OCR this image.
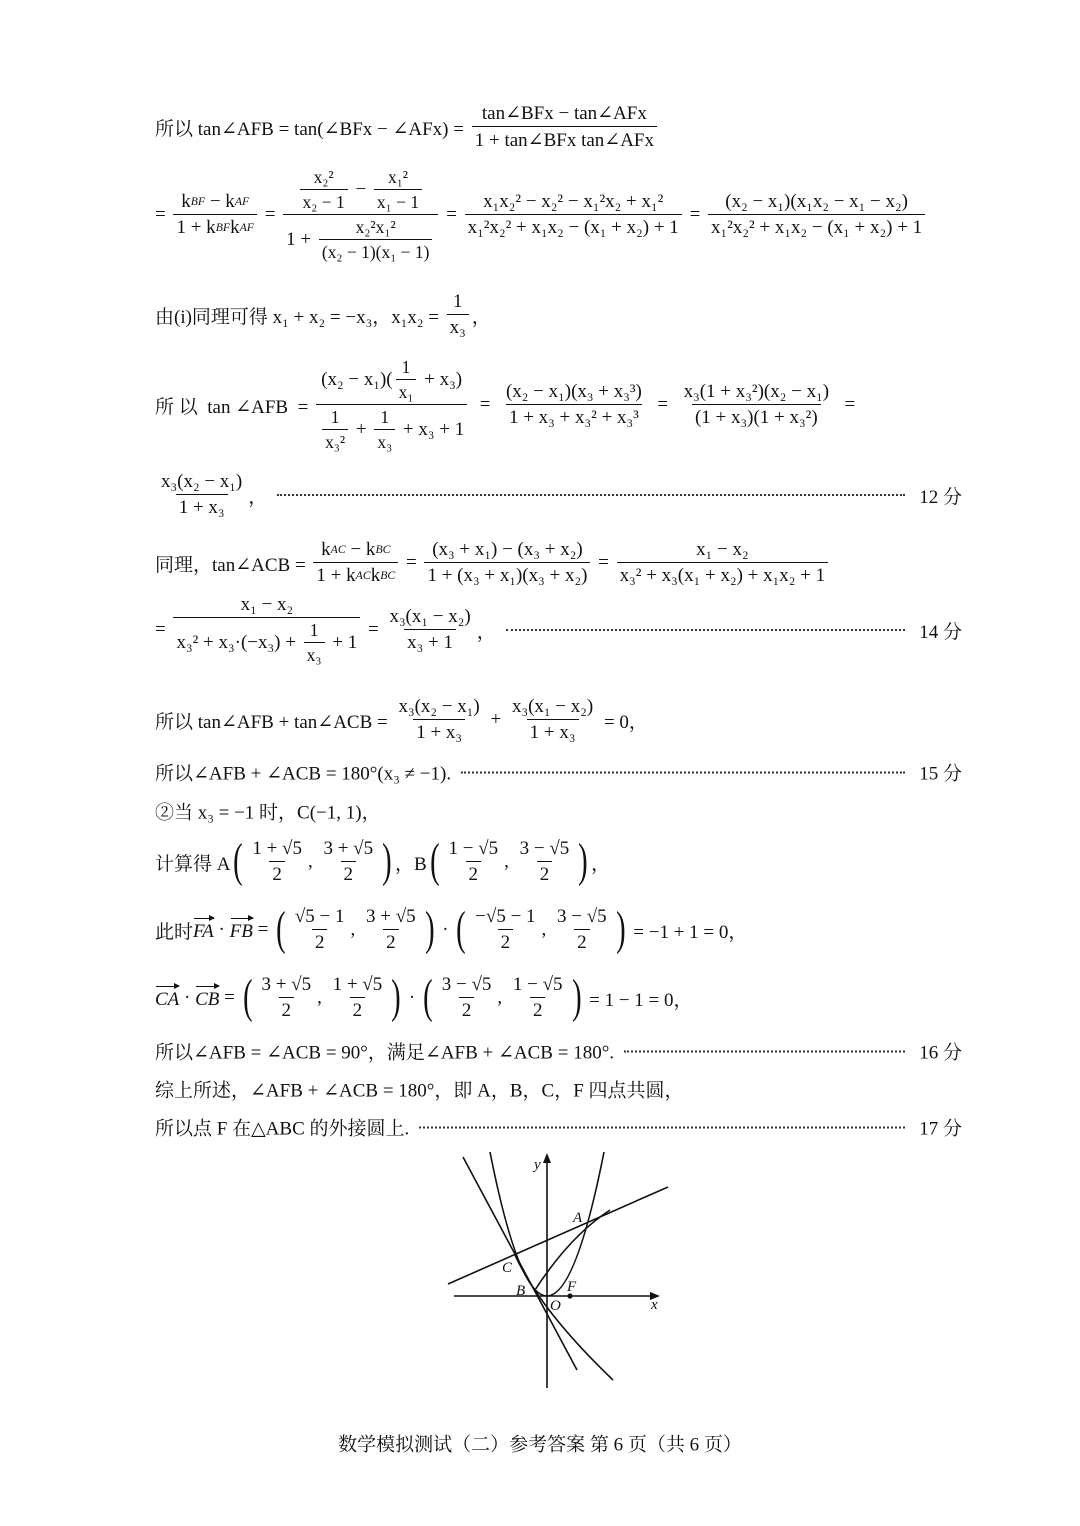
所以 tan∠AFB = tan(∠BFx − ∠AFx) = $\frac{\text{tan∠BFx − tan∠AFx}}{\text{1 + tan∠BFx tan∠AFx}}$
= $\frac{\text{k BF − k AF}}{\text{1 + k BF k AF}} = \frac{\frac{\text{x₂²}}{\text{x₂ − 1}} - \frac{\text{x₁²}}{\text{x₁ − 1}}}{1 + \frac{\text{x₂²x₁²}}{\text{(x₂ − 1)(x₁ − 1)}}} = \frac{\text{x₁x₂² − x₂² − x₁²x₂ + x₁²}}{\text{x₁²x₂² + x₁x₂ − (x₁ + x₂) + 1}} = \frac{\text{(x₂ − x₁)(x₁x₂ − x₁ − x₂)}}{\text{x₁²x₂² + x₁x₂ − (x₁ + x₂) + 1}}$
由(i)同理可得 x₁ + x₂ = −x₃，$x_1x_2 = \frac{1}{\text{x₃}}$ ，
所 以  tan ∠AFB  = $\frac{(x_2 - x_1)( \frac{1}{\text{x₁}} + x_3)}{\frac{1}{\text{x₃²}} + \frac{1}{\text{x₃}} + x_3 + 1} = \frac{\text{(x₂ − x₁)(x₃ + x₃³)}}{\text{1 + x₃ + x₃² + x₃³}} = \frac{\text{x₃(1 + x₃²)(x₂ − x₁)}}{\text{(1 + x₃)(1 + x₃²)}}$ =
$\frac{\text{x₃(x₂ − x₁)}}{\text{1 + x₃}}$ ，	12 分
同理，tan∠ACB = $\frac{\text{k AC − k BC}}{\text{1 + k AC k BC}} = \frac{\text{(x₃ + x₁) − (x₃ + x₂)}}{\text{1 + (x₃ + x₁)(x₃ + x₂)}} = \frac{\text{x₁ − x₂}}{\text{x₃² + x₃(x₁ + x₂) + x₁x₂ + 1}}$
= $\frac{\text{x₁ − x₂}}{x_3^2 + x_3\cdot(-x_3) + \frac{1}{\text{x₃}} + 1} = \frac{\text{x₃(x₁ − x₂)}}{\text{x₃ + 1}}$ ，	14 分
所以 tan∠AFB + tan∠ACB = $\frac{\text{x₃(x₂ − x₁)}}{\text{1 + x₃}} + \frac{\text{x₃(x₁ − x₂)}}{\text{1 + x₃}} = 0$，
所以∠AFB + ∠ACB = 180°(x₃ ≠ −1).	15 分
②当 x₃ = −1 时，C(−1, 1)，
计算得 A ( $\frac{1 + √5}{2}$ , $\frac{3 + √5}{2}$
) ，B ( $\frac{1 - √5}{2}$ , $\frac{3 - √5}{2}$
) ，
此时 FA · FB = ( $\frac{√5 - 1}{2}$ , $\frac{3 + √5}{2}$
) · ( $\frac{-√5 - 1}{2}$ , $\frac{3 - √5}{2}$
) = −1 + 1 = 0，
CA · CB = ( $\frac{3 + √5}{2}$ , $\frac{1 + √5}{2}$
) · ( $\frac{3 - √5}{2}$ , $\frac{1 - √5}{2}$
) = 1 − 1 = 0，
所以∠AFB = ∠ACB = 90°，满足∠AFB + ∠ACB = 180°.	16 分
综上所述，∠AFB + ∠ACB = 180°，即 A，B，C，F 四点共圆，
所以点 F 在△ABC 的外接圆上.	17 分
y
A
C
B	F
O	x
数学模拟测试（二）参考答案 第 6 页（共 6 页）
